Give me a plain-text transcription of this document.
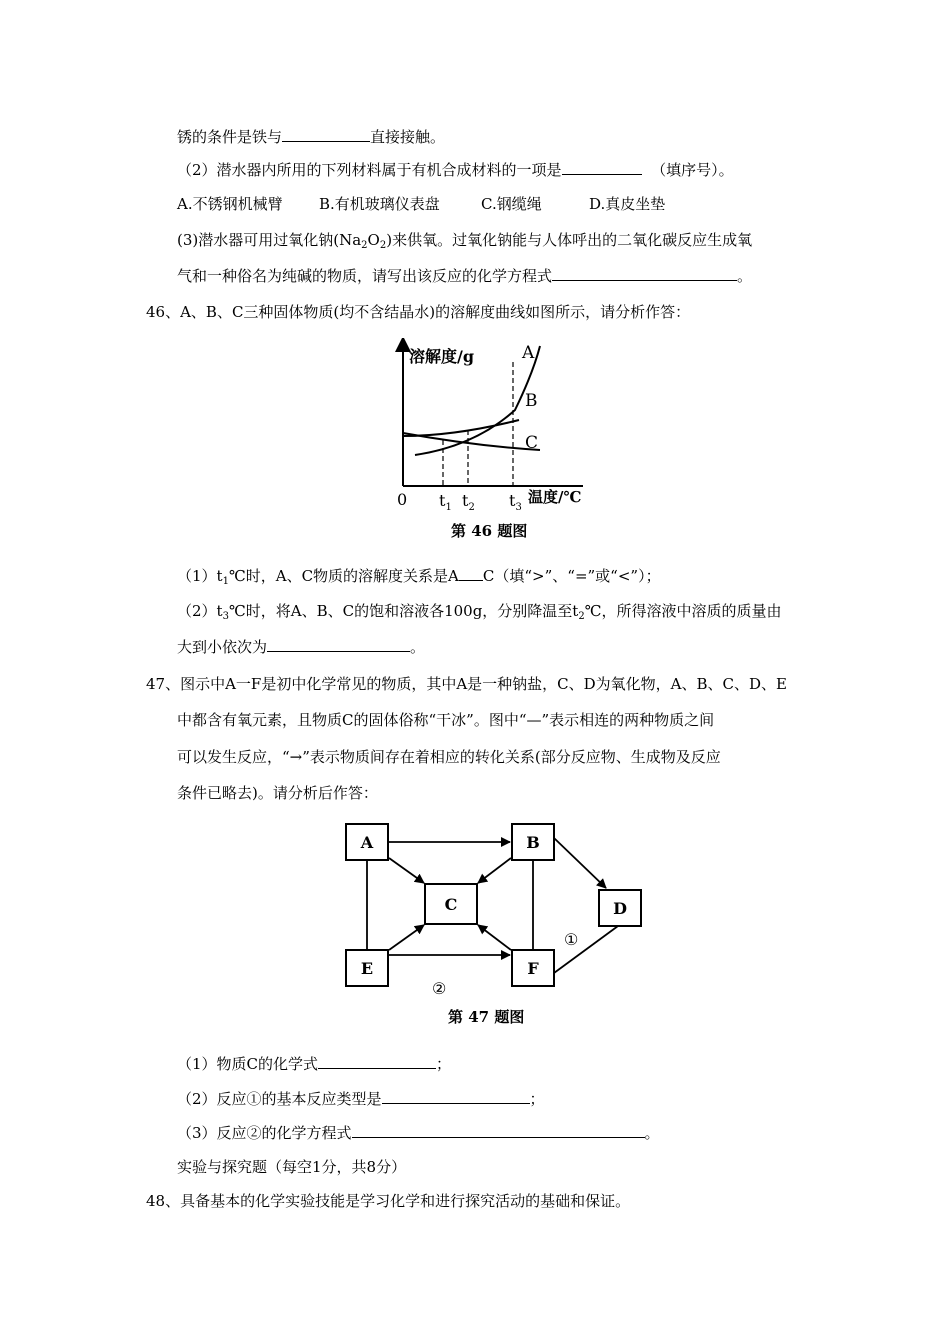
锈的条件是铁与	直接接触。
（2）潜水器内所用的下列材料属于有机合成材料的一项是	（填序号）。
A.不锈钢机械臂 B.有机玻璃仪表盘	C.钢缆绳	D.真皮坐垫
(3)潜水器可用过氧化钠$(Na_2O_2)$来供氧。过氧化钠能与人体呼出的二氧化碳反应生成氧
气和一种俗名为纯碱的物质，请写出该反应的化学方程式	。
46、A、B、C三种固体物质(均不含结晶水)的溶解度曲线如图所示，请分析作答：
溶解度/g	A
B
C
0 $t_1$ $t_2$ $t_3$
温度/℃
第 46 题图
$(1)t_1℃$时，A、C物质的溶解度关系是A C（填“>”、“=”或“<”）；
$(2)t_3℃$时，将A、B、C的饱和溶液各100g，分别降温至$t_2℃$，所得溶液中溶质的质量由
大到小依次为	。
47、图示中A一F是初中化学常见的物质，其中A是一种钠盐，C、D为氧化物，A、B、C、D、E
中都含有氧元素，且物质C的固体俗称“干冰”。图中“—”表示相连的两种物质之间
可以发生反应，“→”表示物质间存在着相应的转化关系(部分反应物、生成物及反应
条件已略去)。请分析后作答：
A	B
C	D
E	F
①
②
第 47 题图
（1）物质C的化学式	；
（2）反应①的基本反应类型是	；
（3）反应②的化学方程式	。
实验与探究题（每空1分，共8分）
48、具备基本的化学实验技能是学习化学和进行探究活动的基础和保证。
